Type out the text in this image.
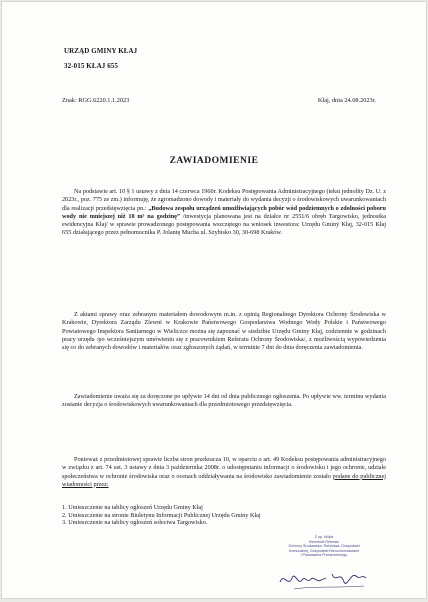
URZĄD GMINY KŁAJ
32-015 KŁAJ 655
Znak: RGG.6220.1.1.2023	Kłaj, dnia 24.08.2023r.
ZAWIADOMIENIE

Na podstawie art. 10 § 1 ustawy z dnia 14 czerwca 1960r. Kodeksu Postępowania Administracyjnego (tekst jednolity Dz. U. z 2023r., poz. 775 ze zm.) informuję, że zgromadzono dowody i materiały do wydania decyzji o środowiskowych uwarunkowaniach dla realizacji przedsięwzięcia pn.: „Budowa zespołu urządzeń umożliwiających pobór wód podziemnych o zdolności poboru wody nie mniejszej niż 10 m³ na godzinę” /inwestycja planowana jest na działce nr 2551/6 obręb Targowisko, jednostka ewidencyjna Kłaj/ w sprawie prowadzonego postępowania wszczętego na wniosek inwestora: Urzędu Gminy Kłaj, 32-015 Kłaj 655 działającego przez pełnomocnika P. Jolantę Mucha ul. Szybisko 30, 30-698 Kraków.

Z aktami sprawy oraz zebranym materiałem dowodowym m.in. z opinią Regionalnego Dyrektora Ochrony Środowiska w Krakowie, Dyrektora Zarządu Zlewni w Krakowie Państwowego Gospodarstwa Wodnego Wody Polskie i Państwowego Powiatowego Inspektora Sanitarnego w Wieliczce można się zapoznać w siedzibie Urzędu Gminy Kłaj, codziennie w godzinach pracy urzędu /po wcześniejszym umówieniu się z pracownikiem Referatu Ochrony Środowiska/, z możliwością wypowiedzenia się co do zebranych dowodów i materiałów oraz zgłoszonych żądań, w terminie 7 dni do dnia doręczenia zawiadomienia.

Zawiadomienie uważa się za doręczone po upływie 14 dni od dnia publicznego ogłoszenia. Po upływie ww. terminu wydania zostanie decyzja o środowiskowych uwarunkowaniach dla przedmiotowego przedsięwzięcia.

Ponieważ z przedmiotowej sprawie liczba stron przekracza 10, w oparciu o art. 49 Kodeksu postępowania administracyjnego w związku z art. 74 ust. 3 ustawy z dnia 3 października 2008r. o udostępnianiu informacji o środowisku i jego ochronie, udziale społeczeństwa w ochronie środowiska oraz o ocenach oddziaływania na środowisko zawiadomienie zostało podane do publicznej wiadomości przez:

1. Umieszczenie na tablicy ogłoszeń Urzędu Gminy Kłaj
2. Umieszczenie na stronie Biuletynu Informacji Publicznej Urzędu Gminy Kłaj
3. Umieszczenie na tablicy ogłoszeń sołectwa Targowisko.
Z up. Wójta
Kierownik Referatu
Ochrony Środowiska, Rolnictwa, Gospodarki
Komunalnej, Gospodarki Nieruchomościami
i Planowania Przestrzennego
